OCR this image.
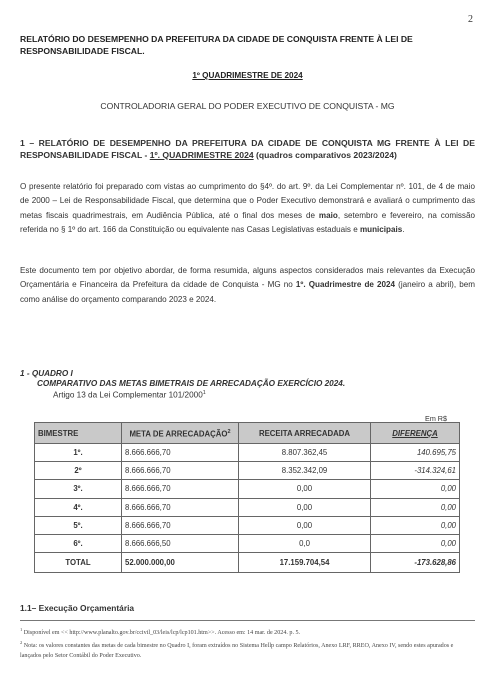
2
RELATÓRIO DO DESEMPENHO DA PREFEITURA DA CIDADE DE CONQUISTA FRENTE À LEI DE RESPONSABILIDADE FISCAL.
1º QUADRIMESTRE DE 2024
CONTROLADORIA GERAL DO PODER EXECUTIVO DE CONQUISTA - MG
1 – RELATÓRIO DE DESEMPENHO DA PREFEITURA DA CIDADE DE CONQUISTA MG FRENTE À LEI DE RESPONSABILIDADE FISCAL - 1º. QUADRIMESTRE 2024 (quadros comparativos 2023/2024)
O presente relatório foi preparado com vistas ao cumprimento do §4º. do art. 9º. da Lei Complementar nº. 101, de 4 de maio de 2000 – Lei de Responsabilidade Fiscal, que determina que o Poder Executivo demonstrará e avaliará o cumprimento das metas fiscais quadrimestrais, em Audiência Pública, até o final dos meses de maio, setembro e fevereiro, na comissão referida no § 1º do art. 166 da Constituição ou equivalente nas Casas Legislativas estaduais e municipais.
Este documento tem por objetivo abordar, de forma resumida, alguns aspectos considerados mais relevantes da Execução Orçamentária e Financeira da Prefeitura da cidade de Conquista - MG no 1º. Quadrimestre de 2024 (janeiro a abril), bem como análise do orçamento comparando 2023 e 2024.
1 - QUADRO I
COMPARATIVO DAS METAS BIMETRAIS DE ARRECADAÇÃO EXERCÍCIO 2024.
Artigo 13 da Lei Complementar 101/2000$^1$
Em R$
BIMESTRE	META DE ARRECADAÇÃO$^2$	RECEITA ARRECADADA	DIFERENÇA
1º.	8.666.666,70	8.807.362,45	140.695,75
2º	8.666.666,70	8.352.342,09	-314.324,61
3º.	8.666.666,70	0,00	0,00
4º.	8.666.666,70	0,00	0,00
5º.	8.666.666,70	0,00	0,00
6º.	8.666.666,50	0,0	0,00
TOTAL	52.000.000,00	17.159.704,54	-173.628,86
1.1– Execução Orçamentária

$^1$ Disponível em << http://www.planalto.gov.br/ccivil_03/leis/lcp/lcp101.htm>>. Acesso em: 14 mar. de 2024. p. 5.

$^2$ Nota: os valores constantes das metas de cada bimestre no Quadro I, foram extraídos no Sistema Hellp campo Relatórios, Anexo LRF, RREO, Anexo IV, sendo estes apurados e lançados pelo Setor Contábil do Poder Executivo.
